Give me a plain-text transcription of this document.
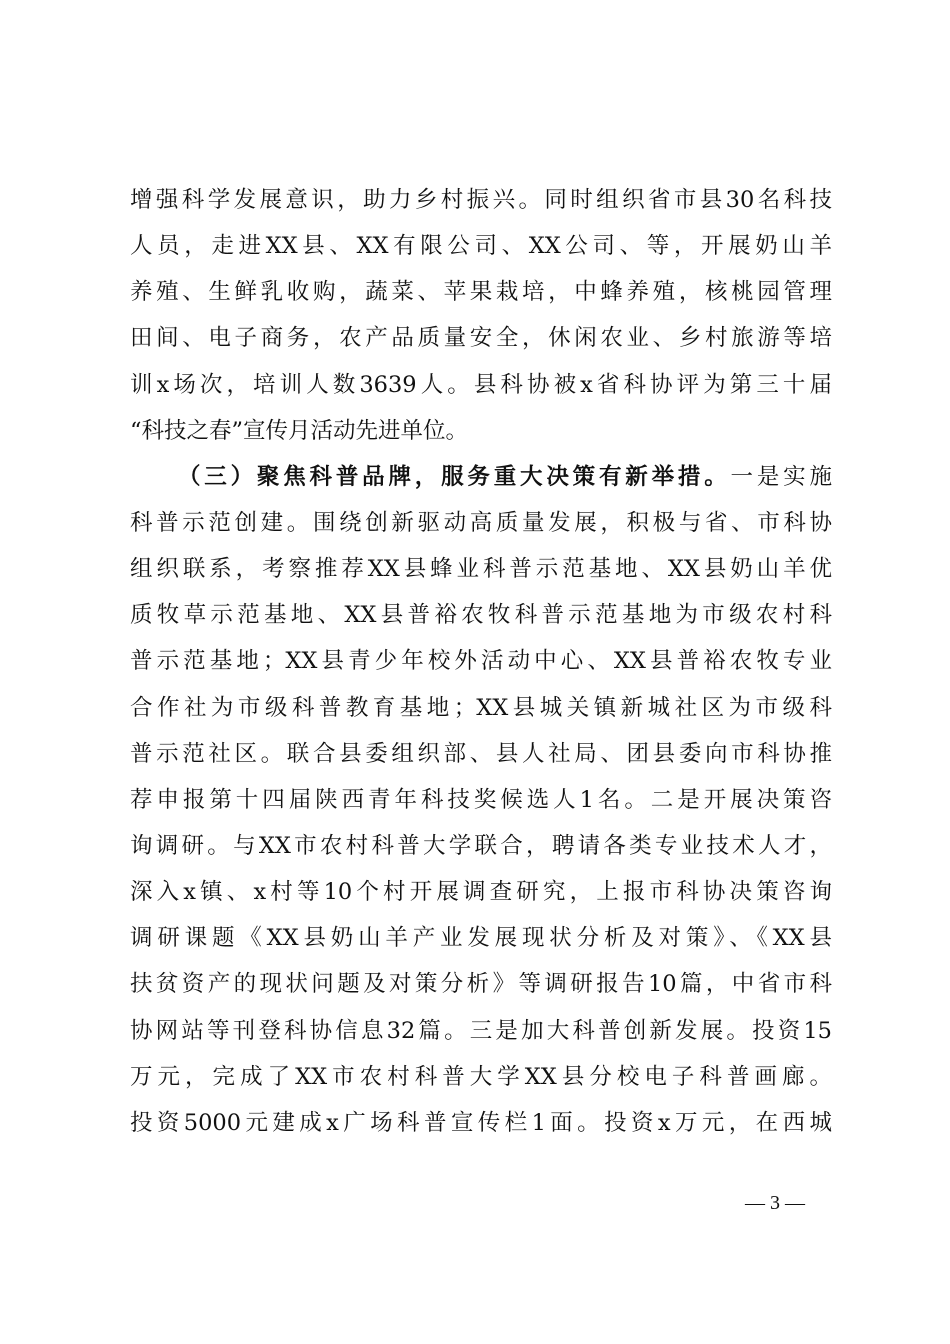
增强科学发展意识，助力乡村振兴。同时组织省市县30名科技
人员，走进XX县、XX有限公司、XX公司、等，开展奶山羊
养殖、生鲜乳收购，蔬菜、苹果栽培，中蜂养殖，核桃园管理
田间、电子商务，农产品质量安全，休闲农业、乡村旅游等培
训x场次，培训人数3639人。县科协被x省科协评为第三十届
“科技之春”宣传月活动先进单位。
（三）聚焦科普品牌，服务重大决策有新举措。一是实施
科普示范创建。围绕创新驱动高质量发展，积极与省、市科协
组织联系，考察推荐XX县蜂业科普示范基地、XX县奶山羊优
质牧草示范基地、XX县普裕农牧科普示范基地为市级农村科
普示范基地；XX县青少年校外活动中心、XX县普裕农牧专业
合作社为市级科普教育基地；XX县城关镇新城社区为市级科
普示范社区。联合县委组织部、县人社局、团县委向市科协推
荐申报第十四届陕西青年科技奖候选人1名。二是开展决策咨
询调研。与XX市农村科普大学联合，聘请各类专业技术人才，
深入x镇、x村等10个村开展调查研究，上报市科协决策咨询
调研课题《XX县奶山羊产业发展现状分析及对策》、《XX县
扶贫资产的现状问题及对策分析》等调研报告10篇，中省市科
协网站等刊登科协信息32篇。三是加大科普创新发展。投资15
万元，完成了XX市农村科普大学XX县分校电子科普画廊。
投资5000元建成x广场科普宣传栏1面。投资x万元，在西城
— 3 —
